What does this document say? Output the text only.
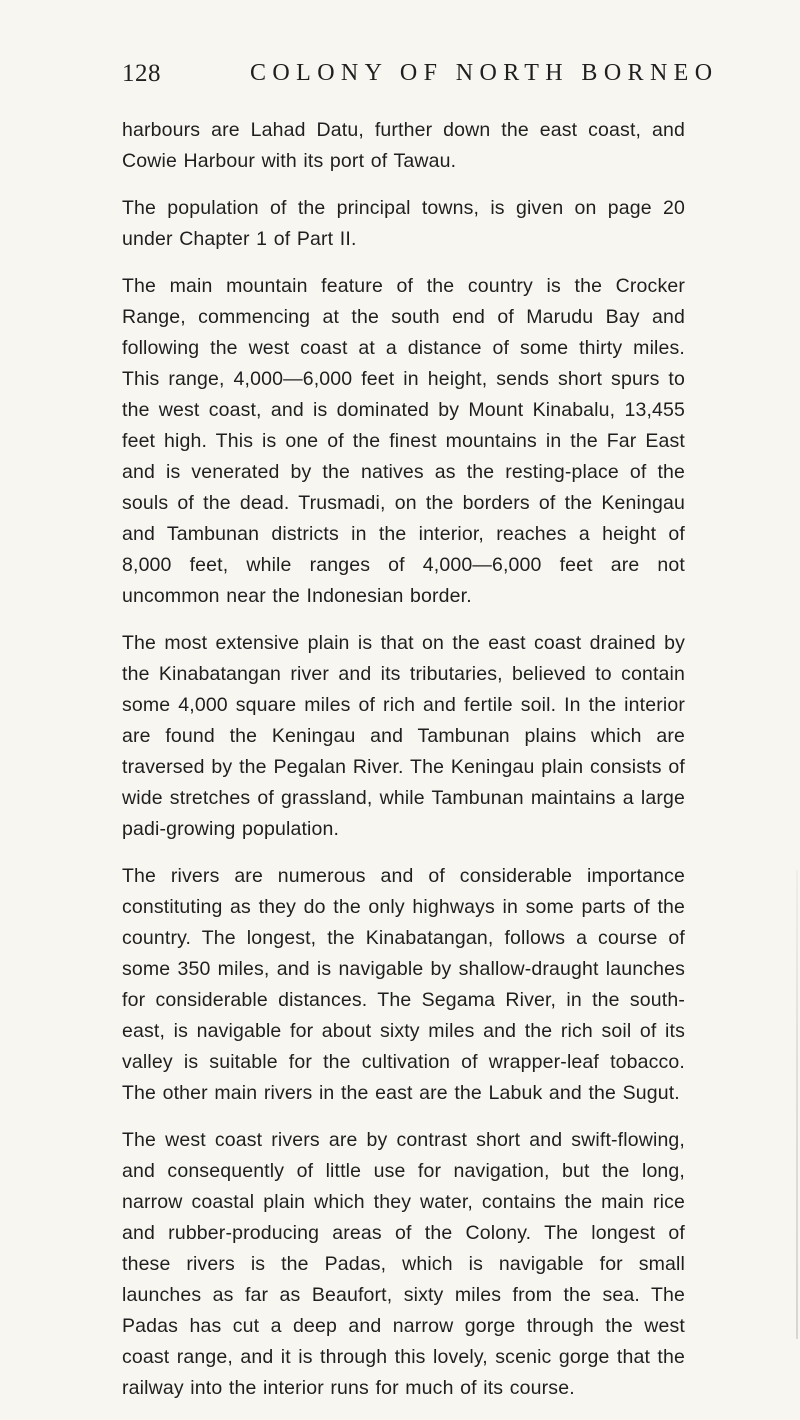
128	COLONY OF NORTH BORNEO

harbours are Lahad Datu, further down the east coast, and Cowie Harbour with its port of Tawau.

The population of the principal towns, is given on page 20 under Chapter 1 of Part II.

The main mountain feature of the country is the Crocker Range, commencing at the south end of Marudu Bay and following the west coast at a distance of some thirty miles. This range, 4,000—6,000 feet in height, sends short spurs to the west coast, and is dominated by Mount Kinabalu, 13,455 feet high. This is one of the finest mountains in the Far East and is venerated by the natives as the resting-place of the souls of the dead. Trusmadi, on the borders of the Keningau and Tambunan districts in the interior, reaches a height of 8,000 feet, while ranges of 4,000—6,000 feet are not uncommon near the Indonesian border.

The most extensive plain is that on the east coast drained by the Kinabatangan river and its tributaries, believed to contain some 4,000 square miles of rich and fertile soil. In the interior are found the Keningau and Tambunan plains which are traversed by the Pegalan River. The Keningau plain consists of wide stretches of grassland, while Tambunan maintains a large padi-growing population.

The rivers are numerous and of considerable importance constituting as they do the only highways in some parts of the country. The longest, the Kinabatangan, follows a course of some 350 miles, and is navigable by shallow-draught launches for considerable distances. The Segama River, in the south-east, is navigable for about sixty miles and the rich soil of its valley is suitable for the cultivation of wrapper-leaf tobacco. The other main rivers in the east are the Labuk and the Sugut.

The west coast rivers are by contrast short and swift-flowing, and consequently of little use for navigation, but the long, narrow coastal plain which they water, contains the main rice and rubber-producing areas of the Colony. The longest of these rivers is the Padas, which is navigable for small launches as far as Beaufort, sixty miles from the sea. The Padas has cut a deep and narrow gorge through the west coast range, and it is through this lovely, scenic gorge that the railway into the interior runs for much of its course.
